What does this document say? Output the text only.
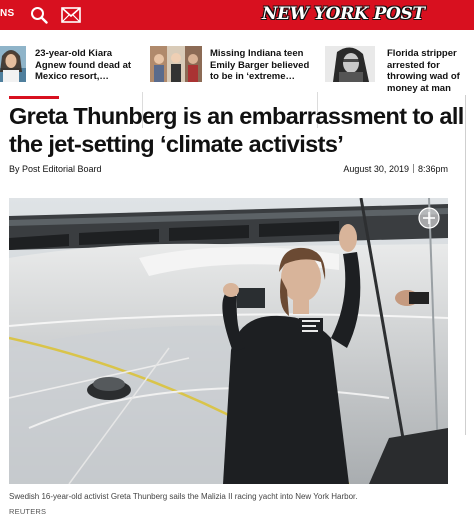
NS	NEW YORK POST
23-year-old Kiara Agnew found dead at Mexico resort,…
Missing Indiana teen Emily Barger believed to be in ‘extreme…
Florida stripper arrested for throwing wad of money at man
Greta Thunberg is an embarrassment to all the jet-setting ‘climate activists’
By Post Editorial Board	August 30, 2019 8:36pm
Swedish 16-year-old activist Greta Thunberg sails the Malizia II racing yacht into New York Harbor.
REUTERS
